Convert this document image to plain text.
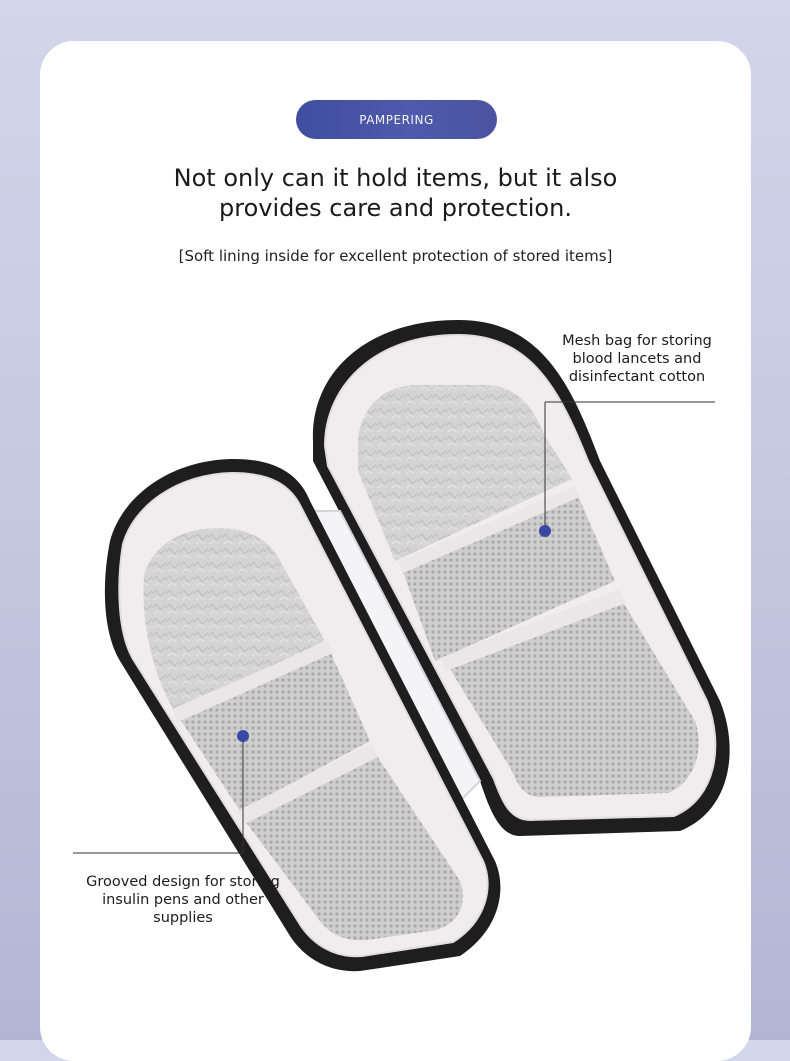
PAMPERING
Not only can it hold items, but it also
provides care and protection.
[Soft lining inside for excellent protection of stored items]
Mesh bag for storing
blood lancets and
disinfectant cotton
Grooved design for storing
insulin pens and other
supplies
